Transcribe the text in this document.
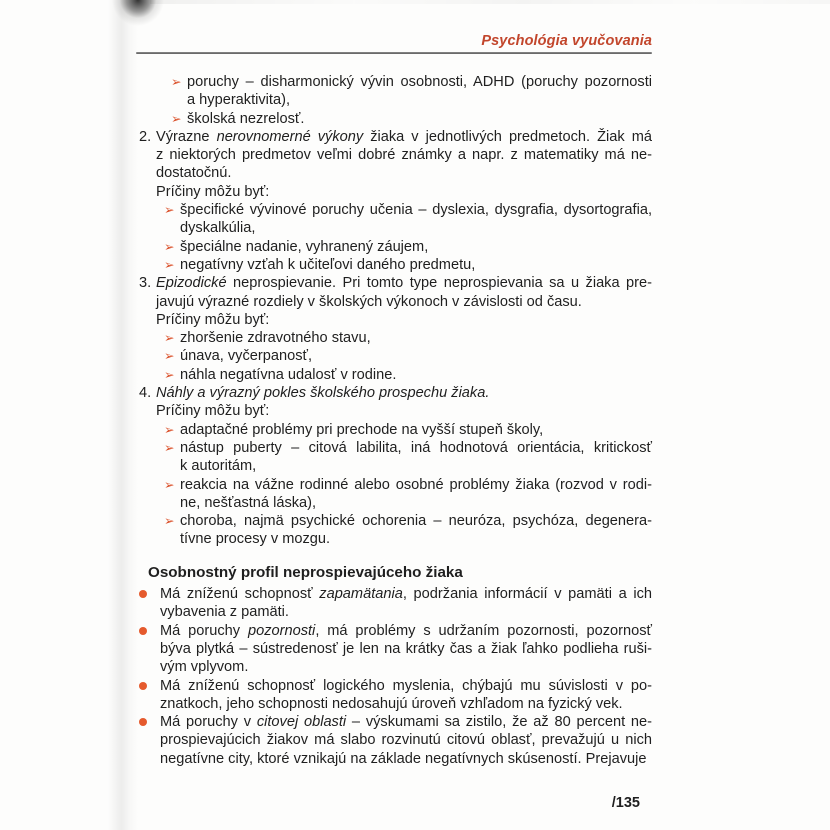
Psychológia vyučovania
➢ poruchy – disharmonický vývin osobnosti, ADHD (poruchy pozornosti
a hyperaktivita),
➢ školská nezrelosť.
2. Výrazne nerovnomerné výkony žiaka v jednotlivých predmetoch. Žiak má
z niektorých predmetov veľmi dobré známky a napr. z matematiky má ne-
dostatočnú.
Príčiny môžu byť:
➢ špecifické vývinové poruchy učenia – dyslexia, dysgrafia, dysortografia,
dyskalkúlia,
➢ špeciálne nadanie, vyhranený záujem,
➢ negatívny vzťah k učiteľovi daného predmetu,
3. Epizodické neprospievanie. Pri tomto type neprospievania sa u žiaka pre-
javujú výrazné rozdiely v školských výkonoch v závislosti od času.
Príčiny môžu byť:
➢ zhoršenie zdravotného stavu,
➢ únava, vyčerpanosť,
➢ náhla negatívna udalosť v rodine.
4. Náhly a výrazný pokles školského prospechu žiaka.
Príčiny môžu byť:
➢ adaptačné problémy pri prechode na vyšší stupeň školy,
➢ nástup puberty – citová labilita, iná hodnotová orientácia, kritickosť
k autoritám,
➢ reakcia na vážne rodinné alebo osobné problémy žiaka (rozvod v rodi-
ne, nešťastná láska),
➢ choroba, najmä psychické ochorenia – neuróza, psychóza, degenera-
tívne procesy v mozgu.
Osobnostný profil neprospievajúceho žiaka
Má zníženú schopnosť zapamätania, podržania informácií v pamäti a ich
vybavenia z pamäti.
Má poruchy pozornosti, má problémy s udržaním pozornosti, pozornosť
býva plytká – sústredenosť je len na krátky čas a žiak ľahko podlieha ruši-
vým vplyvom.
Má zníženú schopnosť logického myslenia, chýbajú mu súvislosti v po-
znatkoch, jeho schopnosti nedosahujú úroveň vzhľadom na fyzický vek.
Má poruchy v citovej oblasti – výskumami sa zistilo, že až 80 percent ne-
prospievajúcich žiakov má slabo rozvinutú citovú oblasť, prevažujú u nich
negatívne city, ktoré vznikajú na základe negatívnych skúseností. Prejavuje
/135
